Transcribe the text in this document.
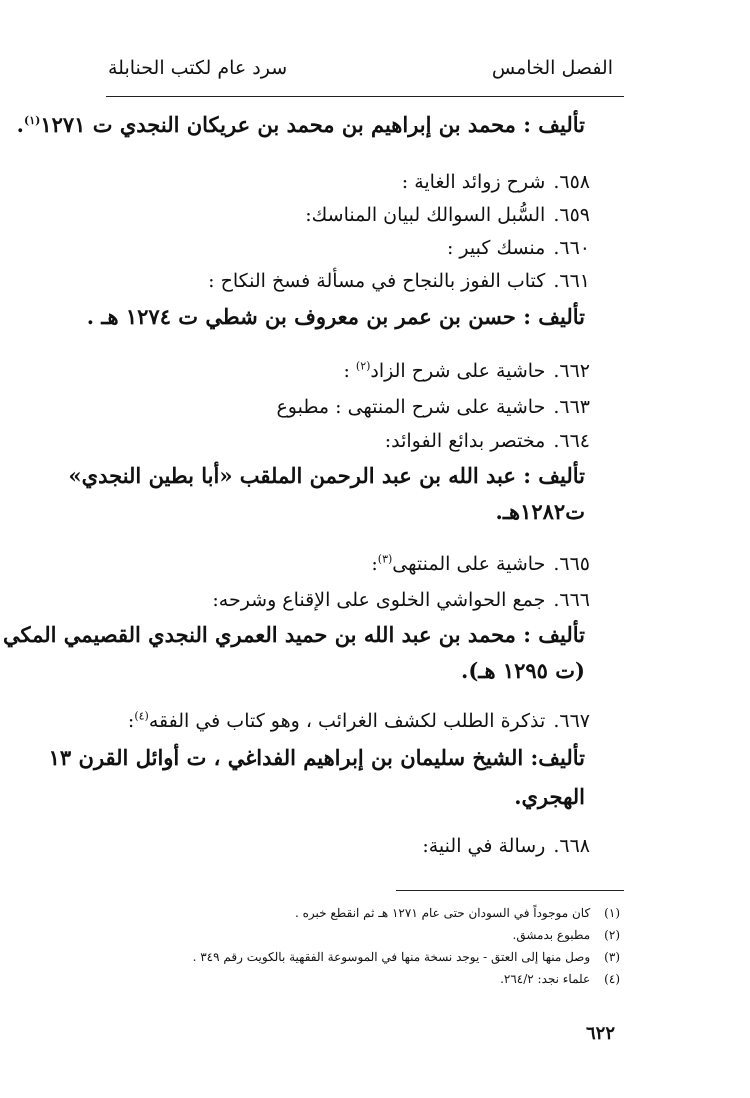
الفصل الخامس
سرد عام لكتب الحنابلة
تأليف : محمد بن إبراهيم بن محمد بن عريكان النجدي ت ١٢٧١$^{(١)}$.
٦٥٨.شرح زوائد الغاية :
٦٥٩.السُّبل السوالك لبيان المناسك:
٦٦٠.منسك كبير :
٦٦١.كتاب الفوز بالنجاح في مسألة فسخ النكاح :
تأليف : حسن بن عمر بن معروف بن شطي ت ١٢٧٤ هـ .
٦٦٢.حاشية على شرح الزاد$^{(٢)}$ :
٦٦٣.حاشية على شرح المنتهى : مطبوع
٦٦٤.مختصر بدائع الفوائد:
تأليف : عبد الله بن عبد الرحمن الملقب «أبا بطين النجدي»
ت١٢٨٢هـ.
٦٦٥.حاشية على المنتهى$^{(٣)}$:
٦٦٦.جمع الحواشي الخلوى على الإقناع وشرحه:
تأليف : محمد بن عبد الله بن حميد العمري النجدي القصيمي المكي
(ت ١٢٩٥ هـ).
٦٦٧.تذكرة الطلب لكشف الغرائب ، وهو كتاب في الفقه$^{(٤)}$:
تأليف: الشيخ سليمان بن إبراهيم الفداغي ، ت أوائل القرن ١٣
الهجري.
٦٦٨.رسالة في النية:
(١)كان موجوداً في السودان حتى عام ١٢٧١ هـ ثم انقطع خبره .
(٢)مطبوع بدمشق.
(٣)وصل منها إلى العتق - يوجد نسخة منها في الموسوعة الفقهية بالكويت رقم ٣٤٩ .
(٤)علماء نجد: ٢٦٤/٢.
٦٢٢
